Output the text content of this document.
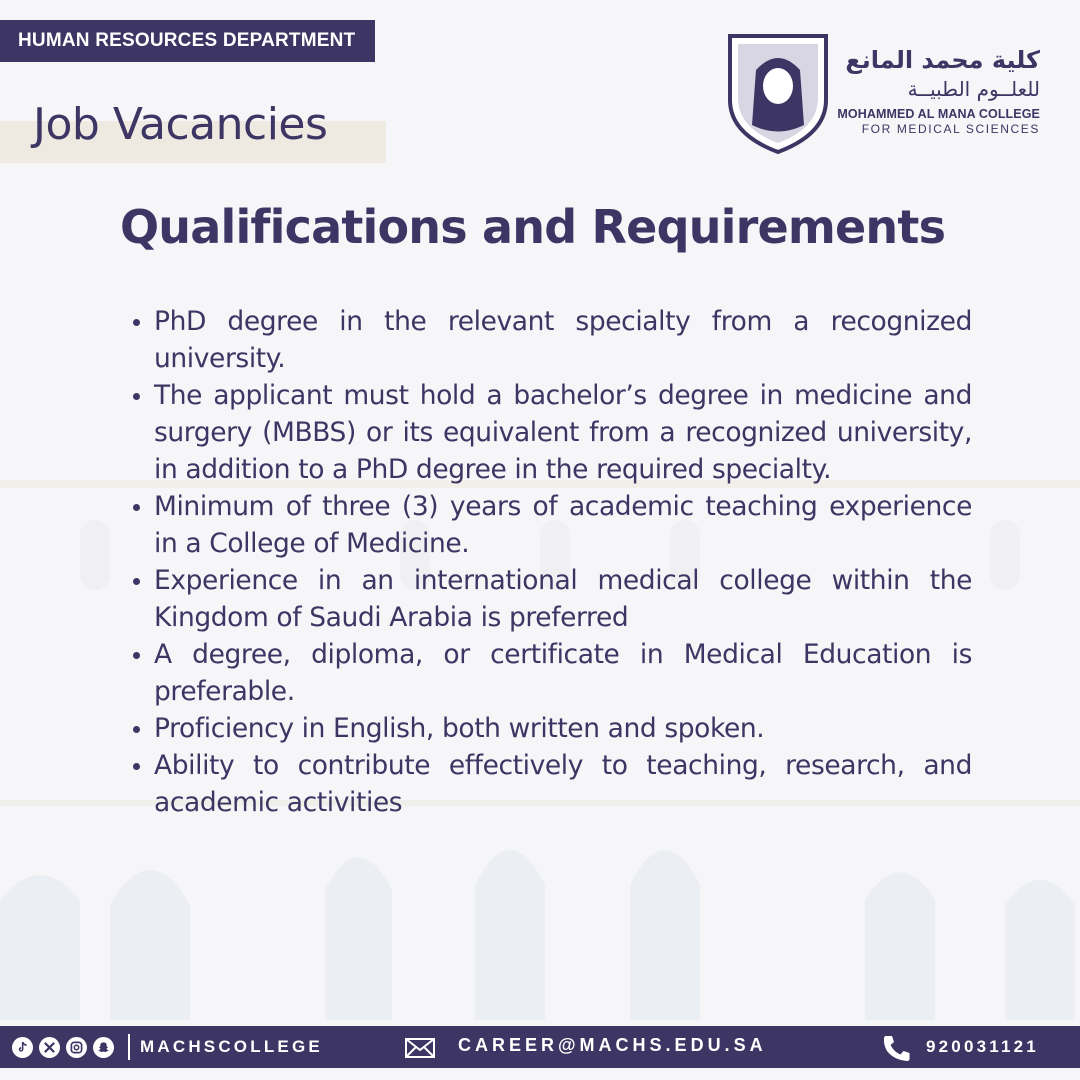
HUMAN RESOURCES DEPARTMENT
Job Vacancies
كلية محمد المانع
للعلــوم الطبيــة
MOHAMMED AL MANA COLLEGE
FOR MEDICAL SCIENCES
Qualifications and Requirements
PhD degree in the relevant specialty from a recognized university.
The applicant must hold a bachelor’s degree in medicine and surgery (MBBS) or its equivalent from a recognized university, in addition to a PhD degree in the required specialty.
Minimum of three (3) years of academic teaching experience in a College of Medicine.
Experience in an international medical college within the Kingdom of Saudi Arabia is preferred
A degree, diploma, or certificate in Medical Education is preferable.
Proficiency in English, both written and spoken.
Ability to contribute effectively to teaching, research, and academic activities
MACHSCOLLEGE	CAREER@MACHS.EDU.SA	920031121
